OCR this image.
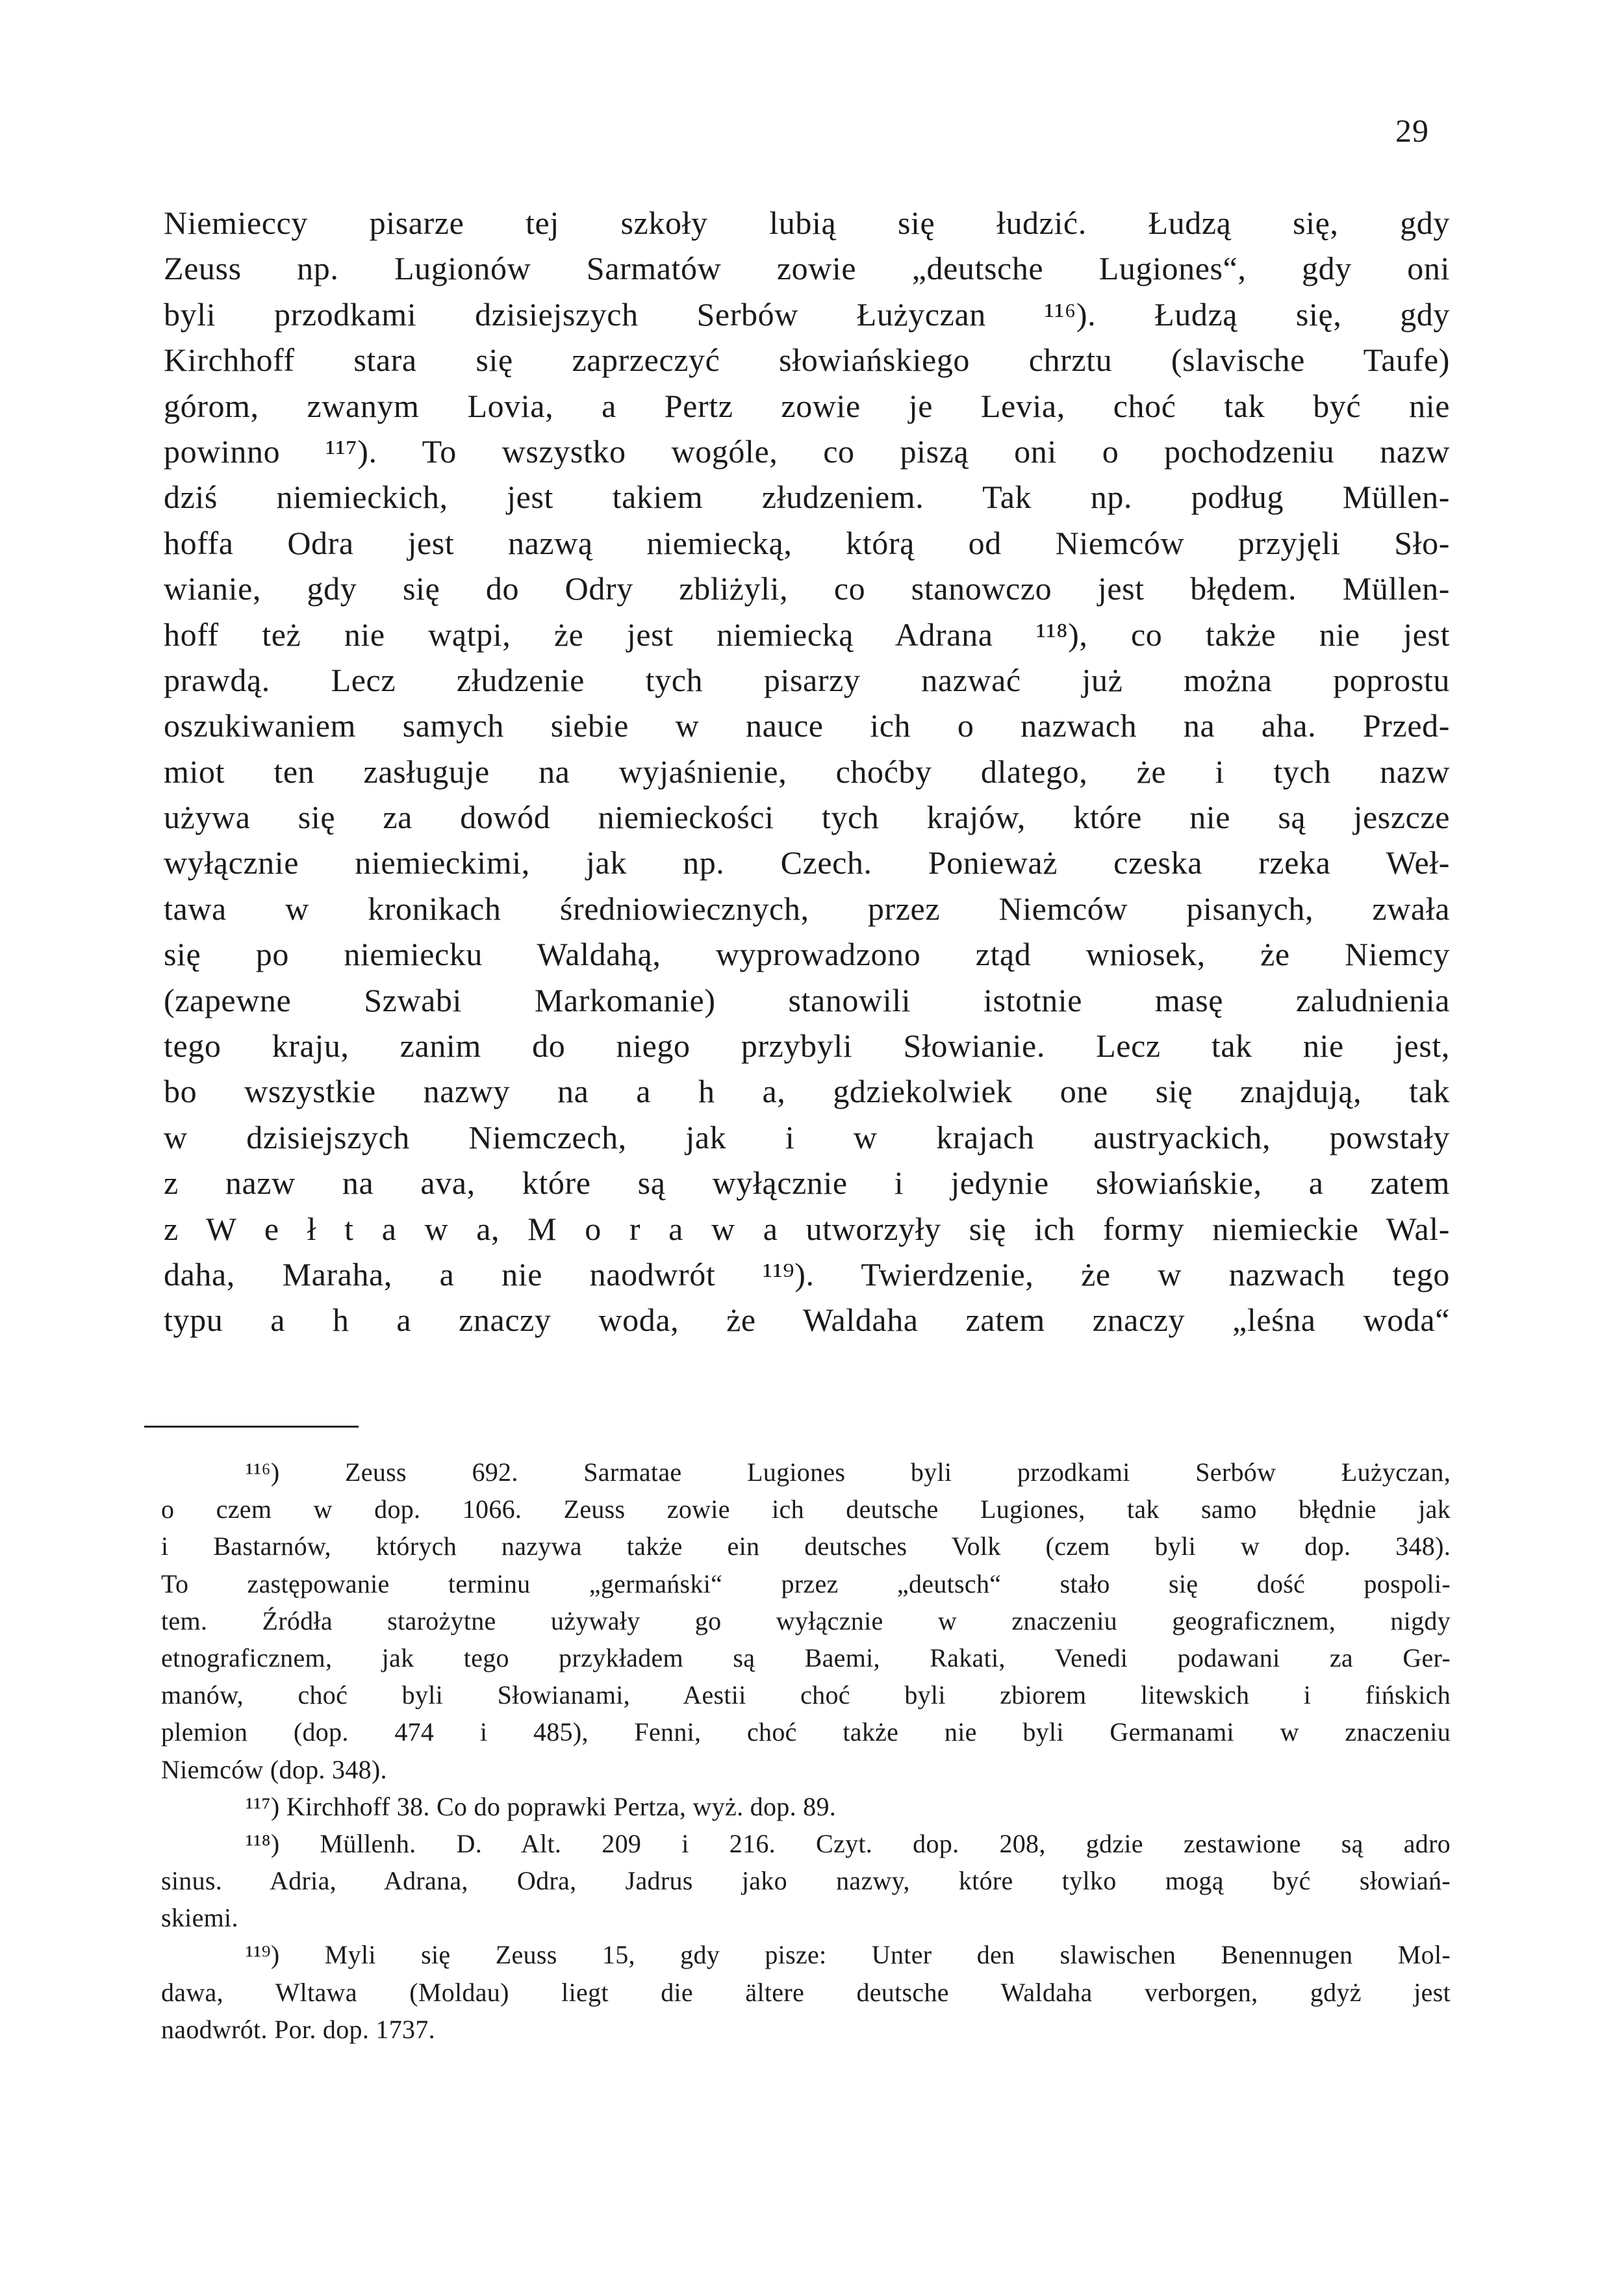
29
Niemieccy pisarze tej szkoły lubią się łudzić. Łudzą się, gdy
Zeuss np. Lugionów Sarmatów zowie „deutsche Lugiones“, gdy oni
byli przodkami dzisiejszych Serbów Łużyczan ¹¹⁶). Łudzą się, gdy
Kirchhoff stara się zaprzeczyć słowiańskiego chrztu (slavische Taufe)
górom, zwanym Lovia, a Pertz zowie je Levia, choć tak być nie
powinno ¹¹⁷). To wszystko wogóle, co piszą oni o pochodzeniu nazw
dziś niemieckich, jest takiem złudzeniem. Tak np. podług Müllen-
hoffa Odra jest nazwą niemiecką, którą od Niemców przyjęli Sło-
wianie, gdy się do Odry zbliżyli, co stanowczo jest błędem. Müllen-
hoff też nie wątpi, że jest niemiecką Adrana ¹¹⁸), co także nie jest
prawdą. Lecz złudzenie tych pisarzy nazwać już można poprostu
oszukiwaniem samych siebie w nauce ich o nazwach na aha. Przed-
miot ten zasługuje na wyjaśnienie, choćby dlatego, że i tych nazw
używa się za dowód niemieckości tych krajów, które nie są jeszcze
wyłącznie niemieckimi, jak np. Czech. Ponieważ czeska rzeka Weł-
tawa w kronikach średniowiecznych, przez Niemców pisanych, zwała
się po niemiecku Waldahą, wyprowadzono ztąd wniosek, że Niemcy
(zapewne Szwabi Markomanie) stanowili istotnie masę zaludnienia
tego kraju, zanim do niego przybyli Słowianie. Lecz tak nie jest,
bo wszystkie nazwy na a h a, gdziekolwiek one się znajdują, tak
w dzisiejszych Niemczech, jak i w krajach austryackich, powstały
z nazw na ava, które są wyłącznie i jedynie słowiańskie, a zatem
z W e ł t a w a, M o r a w a utworzyły się ich formy niemieckie Wal-
daha, Maraha, a nie naodwrót ¹¹⁹). Twierdzenie, że w nazwach tego
typu a h a znaczy woda, że Waldaha zatem znaczy „leśna woda“
¹¹⁶) Zeuss 692. Sarmatae Lugiones byli przodkami Serbów Łużyczan,
o czem w dop. 1066. Zeuss zowie ich deutsche Lugiones, tak samo błędnie jak
i Bastarnów, których nazywa także ein deutsches Volk (czem byli w dop. 348).
To zastępowanie terminu „germański“ przez „deutsch“ stało się dość pospoli-
tem. Źródła starożytne używały go wyłącznie w znaczeniu geograficznem, nigdy
etnograficznem, jak tego przykładem są Baemi, Rakati, Venedi podawani za Ger-
manów, choć byli Słowianami, Aestii choć byli zbiorem litewskich i fińskich
plemion (dop. 474 i 485), Fenni, choć także nie byli Germanami w znaczeniu
Niemców (dop. 348).
¹¹⁷) Kirchhoff 38. Co do poprawki Pertza, wyż. dop. 89.
¹¹⁸) Müllenh. D. Alt. 209 i 216. Czyt. dop. 208, gdzie zestawione są adro
sinus. Adria, Adrana, Odra, Jadrus jako nazwy, które tylko mogą być słowiań-
skiemi.
¹¹⁹) Myli się Zeuss 15, gdy pisze: Unter den slawischen Benennugen Mol-
dawa, Wltawa (Moldau) liegt die ältere deutsche Waldaha verborgen, gdyż jest
naodwrót. Por. dop. 1737.
